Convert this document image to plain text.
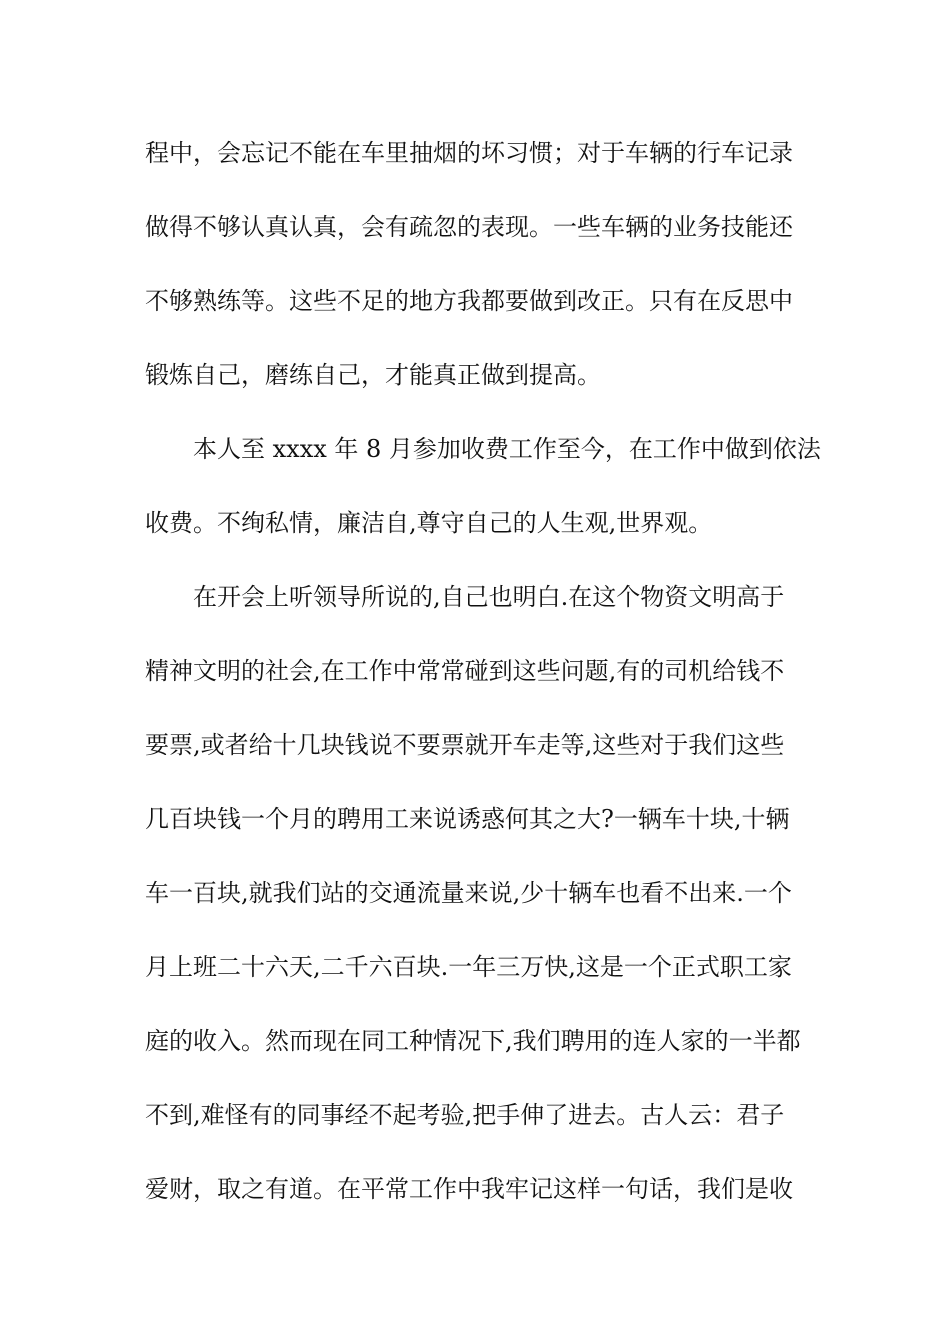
程中，会忘记不能在车里抽烟的坏习惯；对于车辆的行车记录
做得不够认真认真，会有疏忽的表现。一些车辆的业务技能还
不够熟练等。这些不足的地方我都要做到改正。只有在反思中
锻炼自己，磨练自己，才能真正做到提高。
本人至 xxxx 年 8 月参加收费工作至今，在工作中做到依法
收费。不绚私情，廉洁自,尊守自己的人生观,世界观。
在开会上听领导所说的,自己也明白.在这个物资文明高于
精神文明的社会,在工作中常常碰到这些问题,有的司机给钱不
要票,或者给十几块钱说不要票就开车走等,这些对于我们这些
几百块钱一个月的聘用工来说诱惑何其之大?一辆车十块,十辆
车一百块,就我们站的交通流量来说,少十辆车也看不出来.一个
月上班二十六天,二千六百块.一年三万快,这是一个正式职工家
庭的收入。然而现在同工种情况下,我们聘用的连人家的一半都
不到,难怪有的同事经不起考验,把手伸了进去。古人云：君子
爱财，取之有道。在平常工作中我牢记这样一句话，我们是收
